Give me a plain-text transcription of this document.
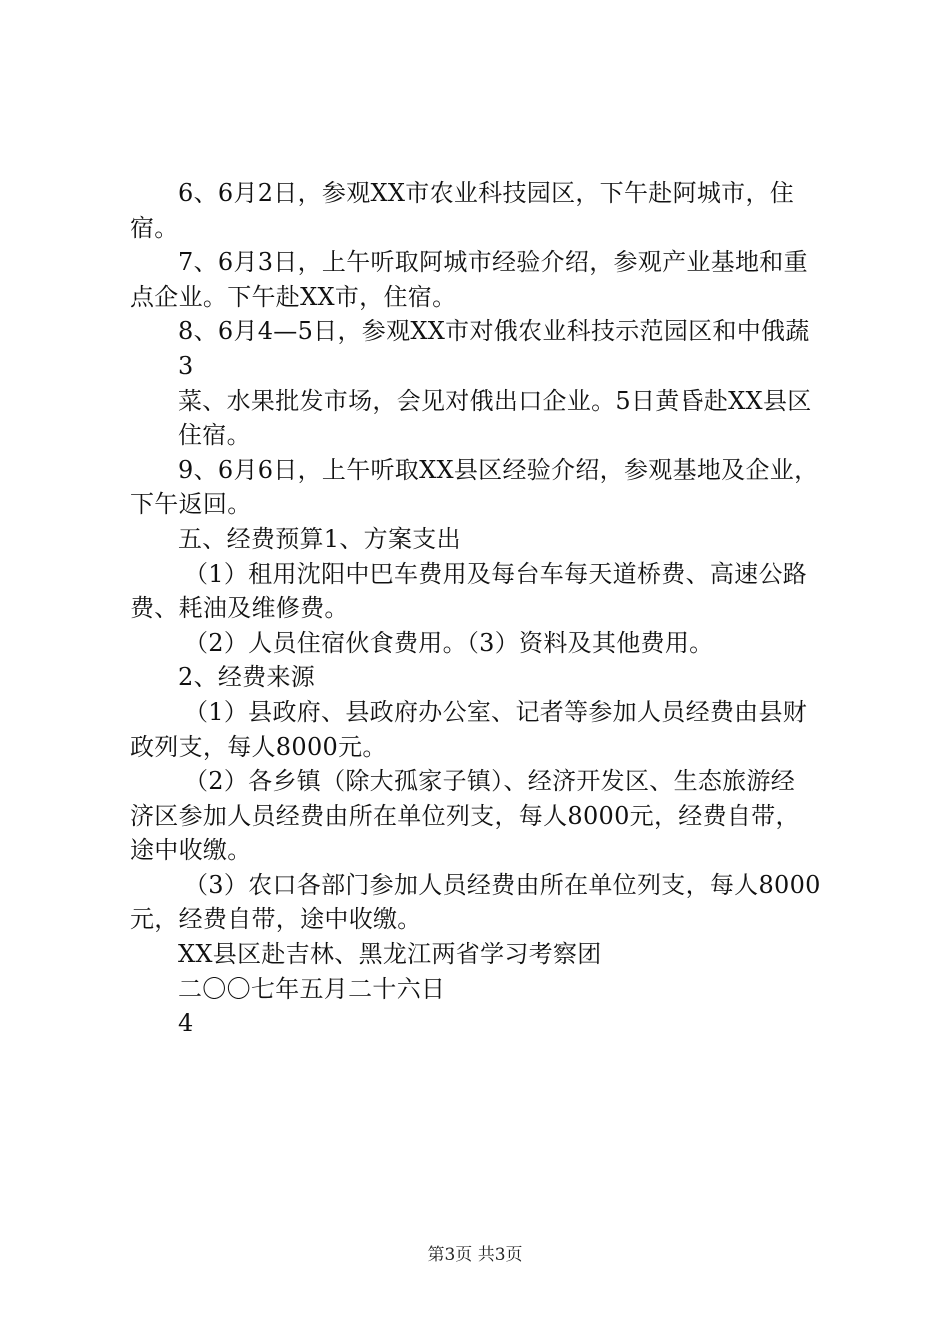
6、6月2日，参观XX市农业科技园区，下午赴阿城市，住
宿。
7、6月3日，上午听取阿城市经验介绍，参观产业基地和重
点企业。下午赴XX市，住宿。
8、6月4—5日，参观XX市对俄农业科技示范园区和中俄蔬
3
菜、水果批发市场，会见对俄出口企业。5日黄昏赴XX县区
住宿。
9、6月6日，上午听取XX县区经验介绍，参观基地及企业，
下午返回。
五、经费预算1、方案支出
（1）租用沈阳中巴车费用及每台车每天道桥费、高速公路
费、耗油及维修费。
（2）人员住宿伙食费用。（3）资料及其他费用。
2、经费来源
（1）县政府、县政府办公室、记者等参加人员经费由县财
政列支，每人8000元。
（2）各乡镇（除大孤家子镇）、经济开发区、生态旅游经
济区参加人员经费由所在单位列支，每人8000元，经费自带，
途中收缴。
（3）农口各部门参加人员经费由所在单位列支，每人8000
元，经费自带，途中收缴。
XX县区赴吉林、黑龙江两省学习考察团
二〇〇七年五月二十六日
4
第3页 共3页
